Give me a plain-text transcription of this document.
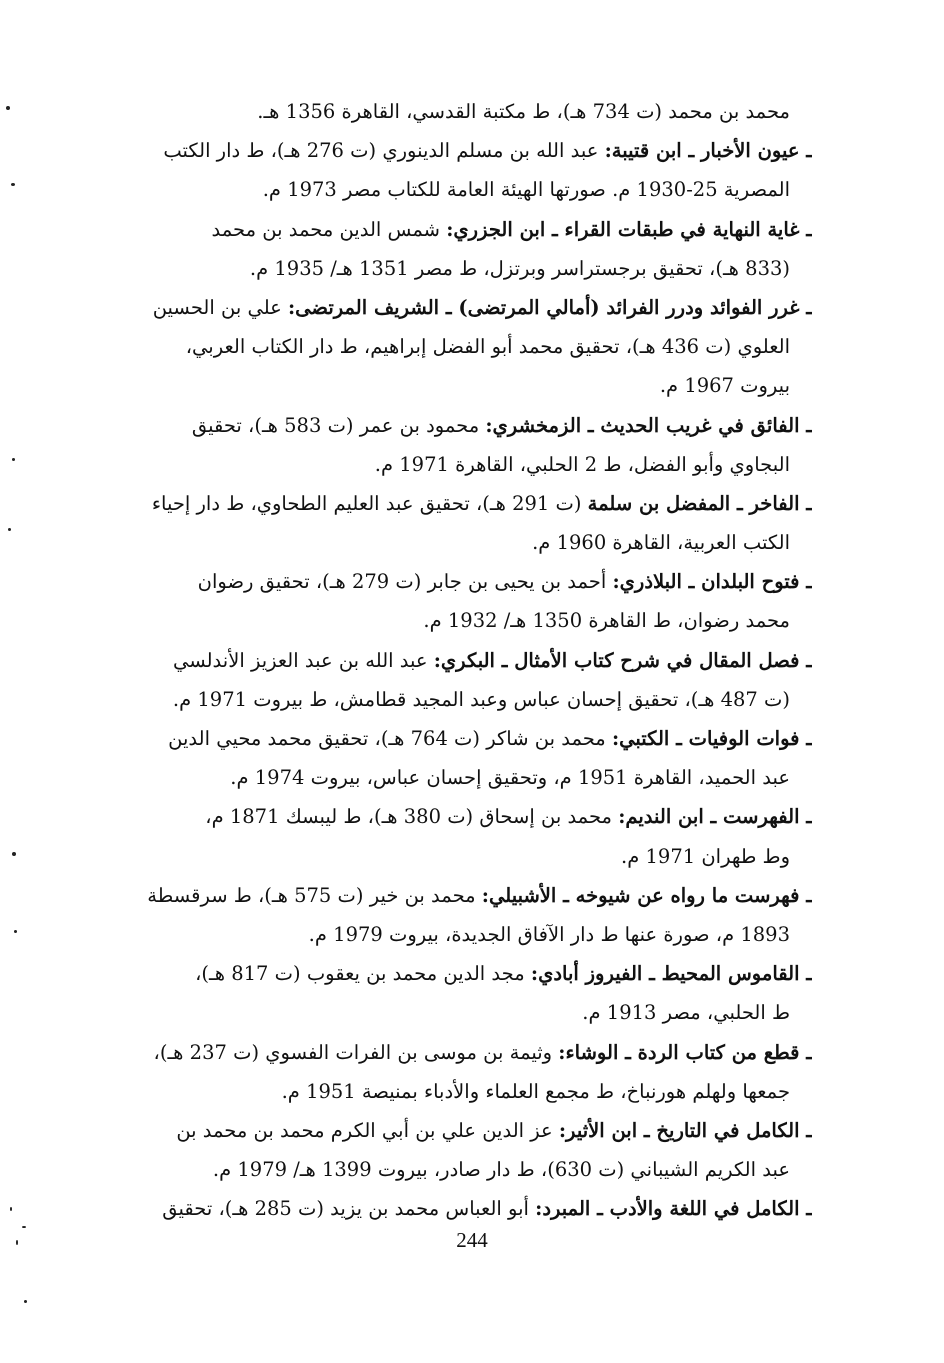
محمد بن محمد (ت 734 هـ)، ط مكتبة القدسي، القاهرة 1356 هـ.
ـ عيون الأخبار ـ ابن قتيبة: عبد الله بن مسلم الدينوري (ت 276 هـ)، ط دار الكتب
المصرية 25-1930 م. صورتها الهيئة العامة للكتاب مصر 1973 م.
ـ غاية النهاية في طبقات القراء ـ ابن الجزري: شمس الدين محمد بن محمد
(833 هـ)، تحقيق برجستراسر وبرتزل، ط مصر 1351 هـ/ 1935 م.
ـ غرر الفوائد ودرر الفرائد (أمالي المرتضى) ـ الشريف المرتضى: علي بن الحسين
العلوي (ت 436 هـ)، تحقيق محمد أبو الفضل إبراهيم، ط دار الكتاب العربي،
بيروت 1967 م.
ـ الفائق في غريب الحديث ـ الزمخشري: محمود بن عمر (ت 583 هـ)، تحقيق
البجاوي وأبو الفضل، ط 2 الحلبي، القاهرة 1971 م.
ـ الفاخر ـ المفضل بن سلمة (ت 291 هـ)، تحقيق عبد العليم الطحاوي، ط دار إحياء
الكتب العربية، القاهرة 1960 م.
ـ فتوح البلدان ـ البلاذري: أحمد بن يحيى بن جابر (ت 279 هـ)، تحقيق رضوان
محمد رضوان، ط القاهرة 1350 هـ/ 1932 م.
ـ فصل المقال في شرح كتاب الأمثال ـ البكري: عبد الله بن عبد العزيز الأندلسي
(ت 487 هـ)، تحقيق إحسان عباس وعبد المجيد قطامش، ط بيروت 1971 م.
ـ فوات الوفيات ـ الكتبي: محمد بن شاكر (ت 764 هـ)، تحقيق محمد محيي الدين
عبد الحميد، القاهرة 1951 م، وتحقيق إحسان عباس، بيروت 1974 م.
ـ الفهرست ـ ابن النديم: محمد بن إسحاق (ت 380 هـ)، ط ليبسك 1871 م،
وط طهران 1971 م.
ـ فهرست ما رواه عن شيوخه ـ الأشبيلي: محمد بن خير (ت 575 هـ)، ط سرقسطة
1893 م، صورة عنها ط دار الآفاق الجديدة، بيروت 1979 م.
ـ القاموس المحيط ـ الفيروز أبادي: مجد الدين محمد بن يعقوب (ت 817 هـ)،
ط الحلبي، مصر 1913 م.
ـ قطع من كتاب الردة ـ الوشاء: وثيمة بن موسى بن الفرات الفسوي (ت 237 هـ)،
جمعها ولهلم هورنباخ، ط مجمع العلماء والأدباء بمنيصة 1951 م.
ـ الكامل في التاريخ ـ ابن الأثير: عز الدين علي بن أبي الكرم محمد بن محمد بن
عبد الكريم الشيباني (ت 630)، ط دار صادر، بيروت 1399 هـ/ 1979 م.
ـ الكامل في اللغة والأدب ـ المبرد: أبو العباس محمد بن يزيد (ت 285 هـ)، تحقيق
244
